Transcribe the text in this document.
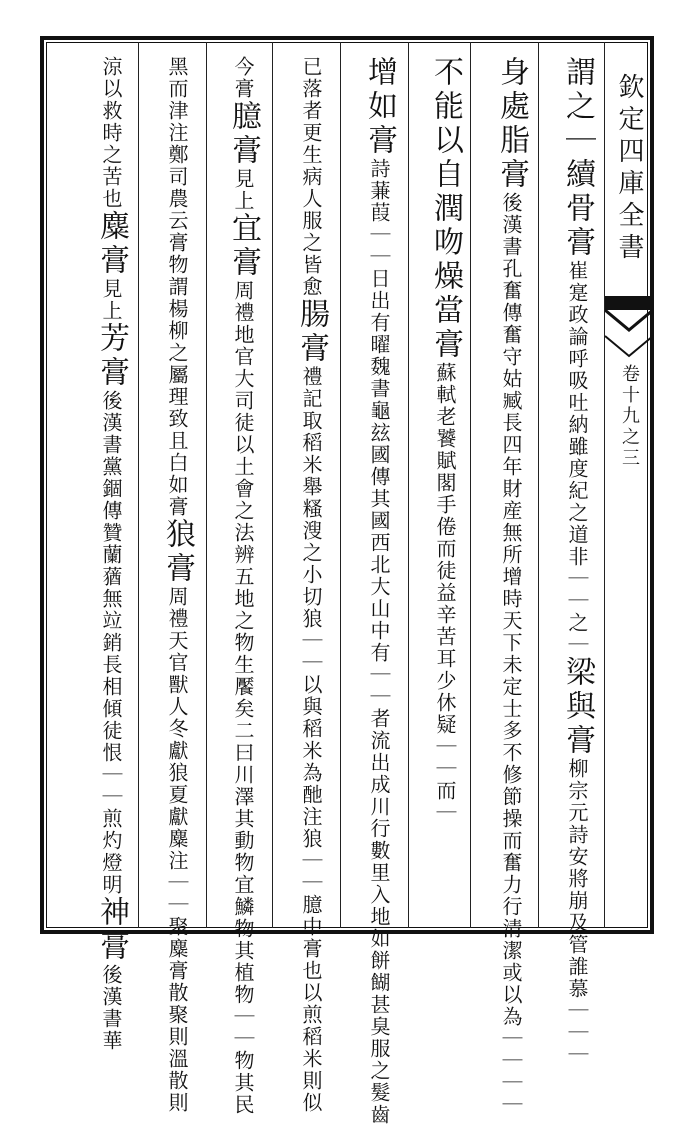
欽定四庫全書
卷十九之三
謂之｜續骨膏崔寔政論呼吸吐納雖度紀之道非｜｜之｜梁與膏柳宗元詩安將崩及管誰慕｜｜｜
身處脂膏後漢書孔奮傳奮守姑臧長四年財産無所增時天下未定士多不修節操而奮力行清潔或以為｜｜｜｜
不能以自潤吻燥當膏蘇軾老饕賦閣手倦而徒益辛苦耳少休疑｜｜而｜
增如膏詩蒹葭｜｜日出有曜魏書龜玆國傳其國西北大山中有｜｜者流出成川行數里入地如餅餬甚臭服之髮齒
已落者更生病人服之皆愈腸膏禮記取稻米舉糔溲之小切狼｜｜以與稻米為酏注狼｜｜臆中膏也以煎稻米則似
今膏臆膏見上宜膏周禮地官大司徒以土會之法辨五地之物生饜矣二曰川澤其動物宜鱗物其植物｜｜物其民
黑而津注鄭司農云膏物謂楊柳之屬理致且白如膏狼膏周禮天官獸人冬獻狼夏獻麋注｜｜聚麋膏散聚則溫散則
涼以救時之苦也麋膏見上芳膏後漢書黨錮傳贊蘭蕕無竝銷長相傾徒恨｜｜煎灼燈明神膏後漢書華
